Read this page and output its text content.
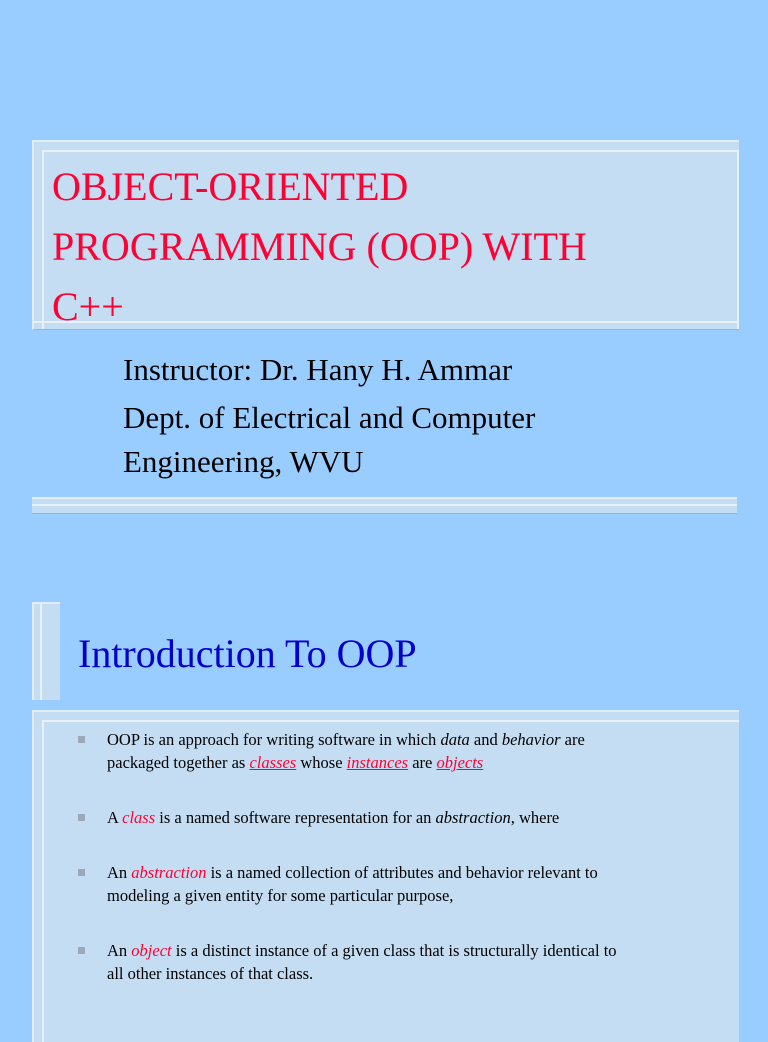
OBJECT-ORIENTED
PROGRAMMING (OOP) WITH
C++

Instructor: Dr. Hany H. Ammar

Dept. of Electrical and Computer
Engineering, WVU

Introduction To OOP
OOP is an approach for writing software in which data and behavior are
packaged together as classes whose instances are objects
A class is a named software representation for an abstraction, where
An abstraction is a named collection of attributes and behavior relevant to
modeling a given entity for some particular purpose,
An object is a distinct instance of a given class that is structurally identical to
all other instances of that class.
